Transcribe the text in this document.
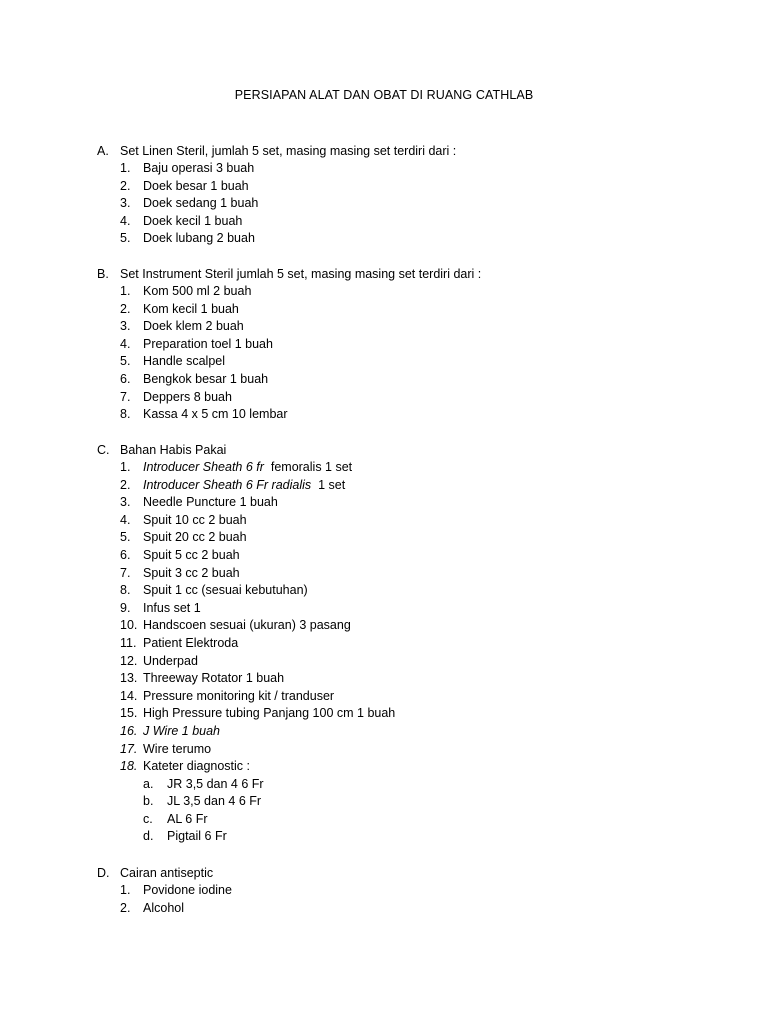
PERSIAPAN ALAT DAN OBAT DI RUANG CATHLAB
A. Set Linen Steril, jumlah 5 set, masing masing set terdiri dari :
1. Baju operasi 3 buah
2. Doek besar 1 buah
3. Doek sedang 1 buah
4. Doek kecil 1 buah
5. Doek lubang 2 buah
B. Set Instrument Steril jumlah 5 set, masing masing set terdiri dari :
1. Kom 500 ml 2 buah
2. Kom kecil 1 buah
3. Doek klem 2 buah
4. Preparation toel 1 buah
5. Handle scalpel
6. Bengkok besar 1 buah
7. Deppers 8 buah
8. Kassa 4 x 5 cm 10 lembar
C. Bahan Habis Pakai
1. Introducer Sheath 6 fr femoralis 1 set
2. Introducer Sheath 6 Fr radialis 1 set
3. Needle Puncture 1 buah
4. Spuit 10 cc 2 buah
5. Spuit 20 cc 2 buah
6. Spuit 5 cc 2 buah
7. Spuit 3 cc 2 buah
8. Spuit 1 cc (sesuai kebutuhan)
9. Infus set 1
10. Handscoen sesuai (ukuran) 3 pasang
11. Patient Elektroda
12. Underpad
13. Threeway Rotator 1 buah
14. Pressure monitoring kit / tranduser
15. High Pressure tubing Panjang 100 cm 1 buah
16. J Wire 1 buah
17. Wire terumo
18. Kateter diagnostic :
a. JR 3,5 dan 4 6 Fr
b. JL 3,5 dan 4 6 Fr
c. AL 6 Fr
d. Pigtail 6 Fr
D. Cairan antiseptic
1. Povidone iodine
2. Alcohol
